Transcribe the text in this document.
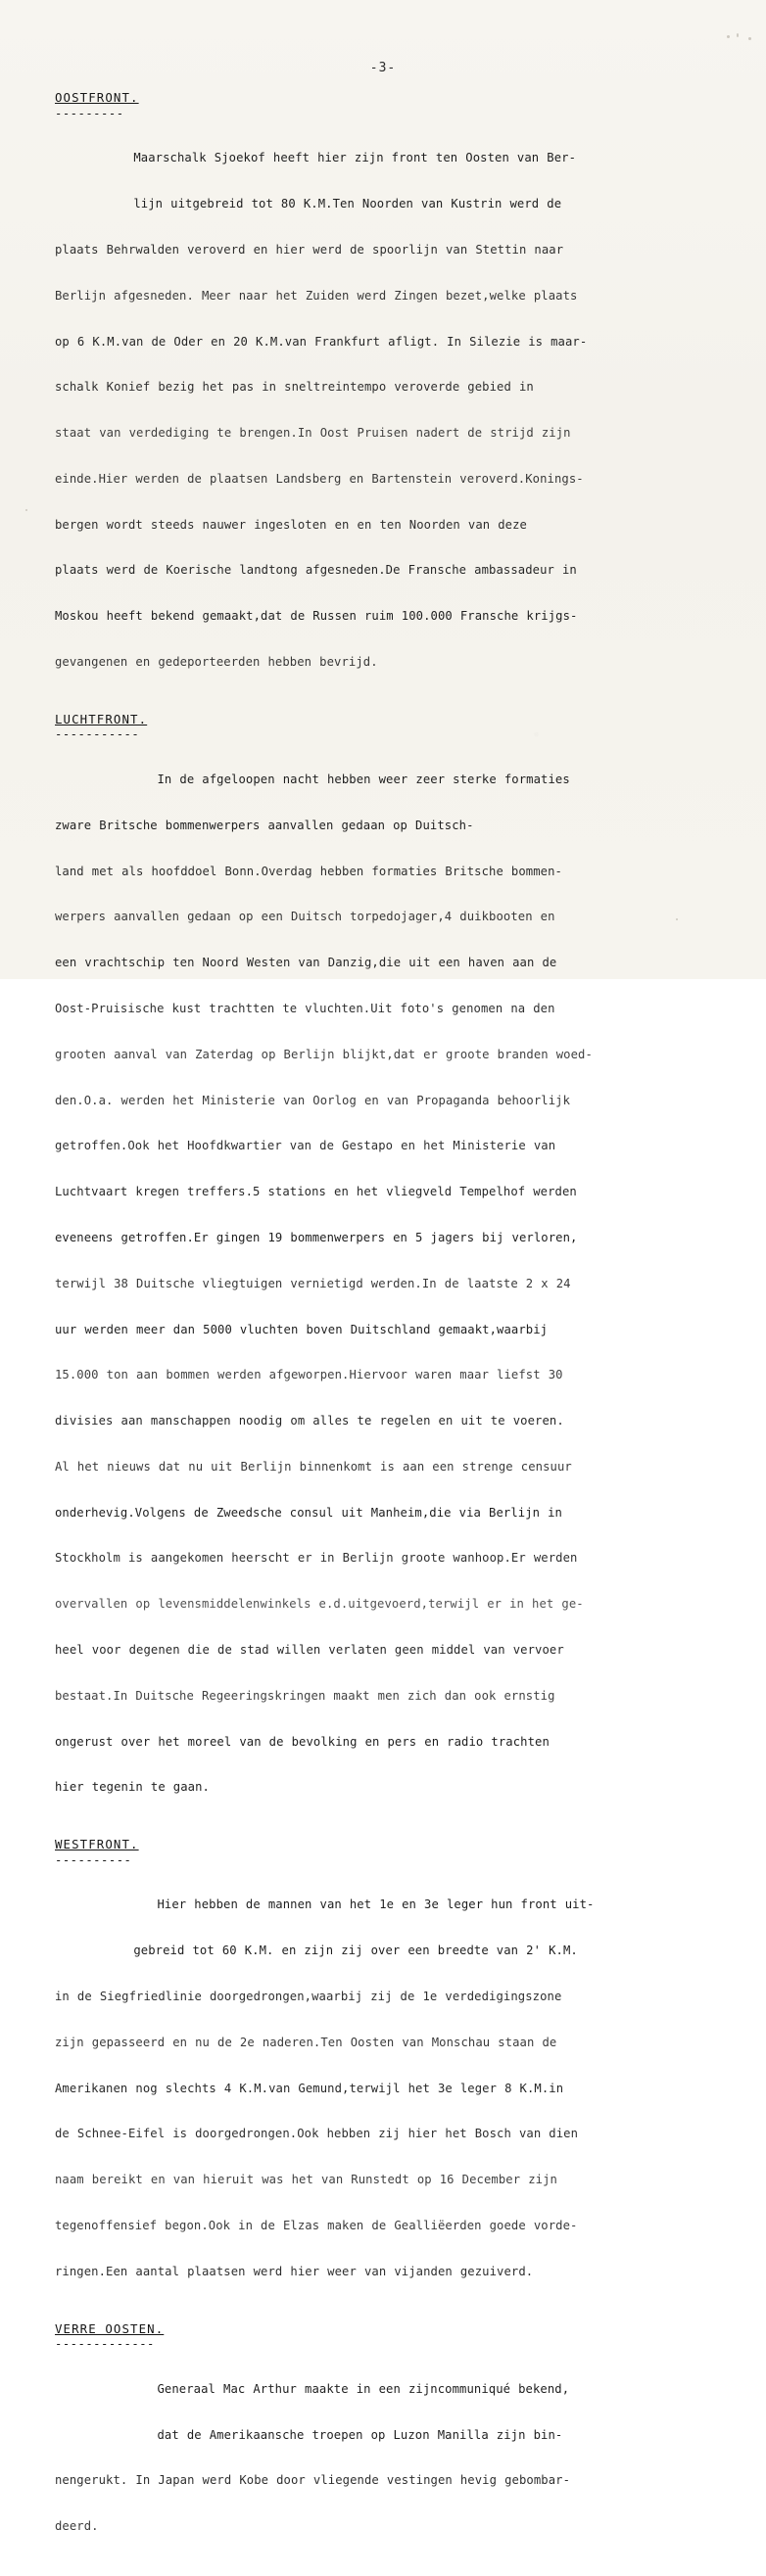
-3-
OOSTFRONT.
---------

Maarschalk Sjoekof heeft hier zijn front ten Oosten van Ber-

lijn uitgebreid tot 80 K.M.Ten Noorden van Kustrin werd de

plaats Behrwalden veroverd en hier werd de spoorlijn van Stettin naar

Berlijn afgesneden. Meer naar het Zuiden werd Zingen bezet,welke plaats

op 6 K.M.van de Oder en 20 K.M.van Frankfurt afligt. In Silezie is maar-

schalk Konief bezig het pas in sneltreintempo veroverde gebied in

staat van verdediging te brengen.In Oost Pruisen nadert de strijd zijn

einde.Hier werden de plaatsen Landsberg en Bartenstein veroverd.Konings-

bergen wordt steeds nauwer ingesloten en en ten Noorden van deze

plaats werd de Koerische landtong afgesneden.De Fransche ambassadeur in

Moskou heeft bekend gemaakt,dat de Russen ruim 100.000 Fransche krijgs-

gevangenen en gedeporteerden hebben bevrijd.

LUCHTFRONT.
-----------

In de afgeloopen nacht hebben weer zeer sterke formaties

zware Britsche bommenwerpers aanvallen gedaan op Duitsch-

land met als hoofddoel Bonn.Overdag hebben formaties Britsche bommen-

werpers aanvallen gedaan op een Duitsch torpedojager,4 duikbooten en

een vrachtschip ten Noord Westen van Danzig,die uit een haven aan de

Oost-Pruisische kust trachtten te vluchten.Uit foto's genomen na den

grooten aanval van Zaterdag op Berlijn blijkt,dat er groote branden woed-

den.O.a. werden het Ministerie van Oorlog en van Propaganda behoorlijk

getroffen.Ook het Hoofdkwartier van de Gestapo en het Ministerie van

Luchtvaart kregen treffers.5 stations en het vliegveld Tempelhof werden

eveneens getroffen.Er gingen 19 bommenwerpers en 5 jagers bij verloren,

terwijl 38 Duitsche vliegtuigen vernietigd werden.In de laatste 2 x 24

uur werden meer dan 5000 vluchten boven Duitschland gemaakt,waarbij

15.000 ton aan bommen werden afgeworpen.Hiervoor waren maar liefst 30

divisies aan manschappen noodig om alles te regelen en uit te voeren.

Al het nieuws dat nu uit Berlijn binnenkomt is aan een strenge censuur

onderhevig.Volgens de Zweedsche consul uit Manheim,die via Berlijn in

Stockholm is aangekomen heerscht er in Berlijn groote wanhoop.Er werden

overvallen op levensmiddelenwinkels e.d.uitgevoerd,terwijl er in het ge-

heel voor degenen die de stad willen verlaten geen middel van vervoer

bestaat.In Duitsche Regeeringskringen maakt men zich dan ook ernstig

ongerust over het moreel van de bevolking en pers en radio trachten

hier tegenin te gaan.

WESTFRONT.
----------

Hier hebben de mannen van het 1e en 3e leger hun front uit-

gebreid tot 60 K.M. en zijn zij over een breedte van 2' K.M.

in de Siegfriedlinie doorgedrongen,waarbij zij de 1e verdedigingszone

zijn gepasseerd en nu de 2e naderen.Ten Oosten van Monschau staan de

Amerikanen nog slechts 4 K.M.van Gemund,terwijl het 3e leger 8 K.M.in

de Schnee-Eifel is doorgedrongen.Ook hebben zij hier het Bosch van dien

naam bereikt en van hieruit was het van Runstedt op 16 December zijn

tegenoffensief begon.Ook in de Elzas maken de Gealliëerden goede vorde-

ringen.Een aantal plaatsen werd hier weer van vijanden gezuiverd.

VERRE OOSTEN.
-------------

Generaal Mac Arthur maakte in een zijncommuniqué bekend,

dat de Amerikaansche troepen op Luzon Manilla zijn bin-

nengerukt. In Japan werd Kobe door vliegende vestingen hevig gebombar-

deerd.
